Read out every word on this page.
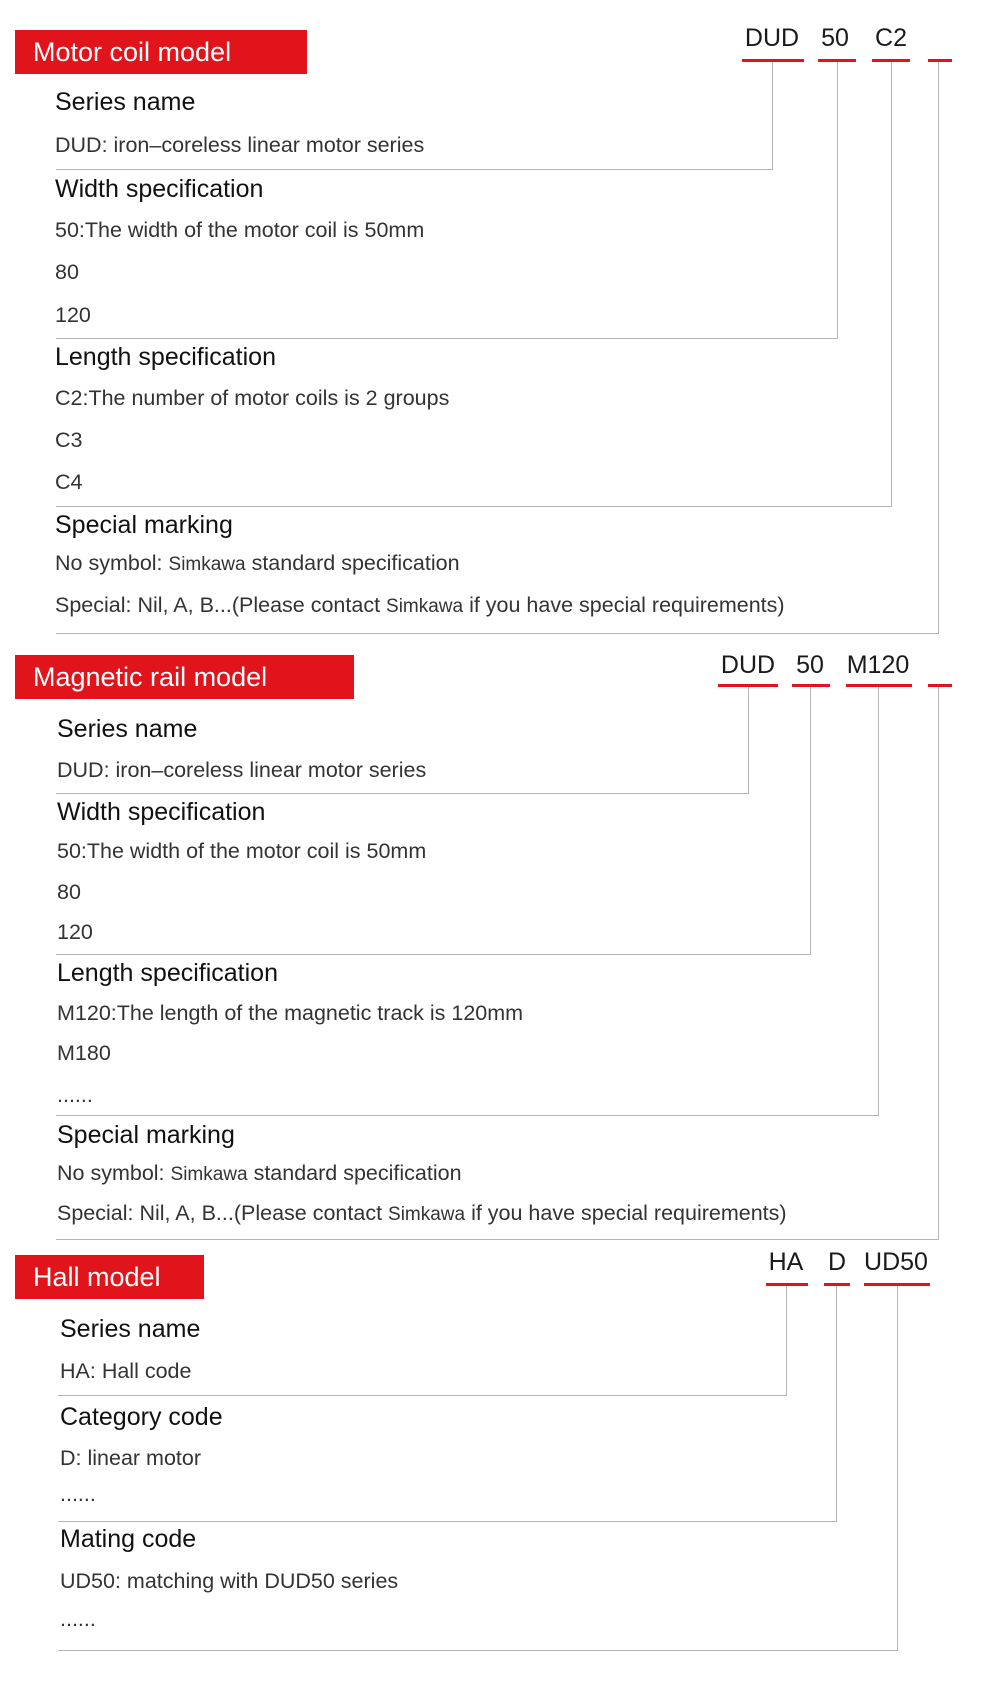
Motor coil model	DUD 50	C2
Series name
DUD: iron–coreless linear motor series
Width specification
50:The width of the motor coil is 50mm
80
120
Length specification
C2:The number of motor coils is 2 groups
C3
C4
Special marking
No symbol: Simkawa standard specification
Special: Nil, A, B...(Please contact Simkawa if you have special requirements)
Magnetic rail model	DUD 50 M120
Series name
DUD: iron–coreless linear motor series
Width specification
50:The width of the motor coil is 50mm
80
120
Length specification
M120:The length of the magnetic track is 120mm
M180
......
Special marking
No symbol: Simkawa standard specification
Special: Nil, A, B...(Please contact Simkawa if you have special requirements)
Hall model	HA D UD50
Series name
HA: Hall code
Category code
D: linear motor
......
Mating code
UD50: matching with DUD50 series
......
